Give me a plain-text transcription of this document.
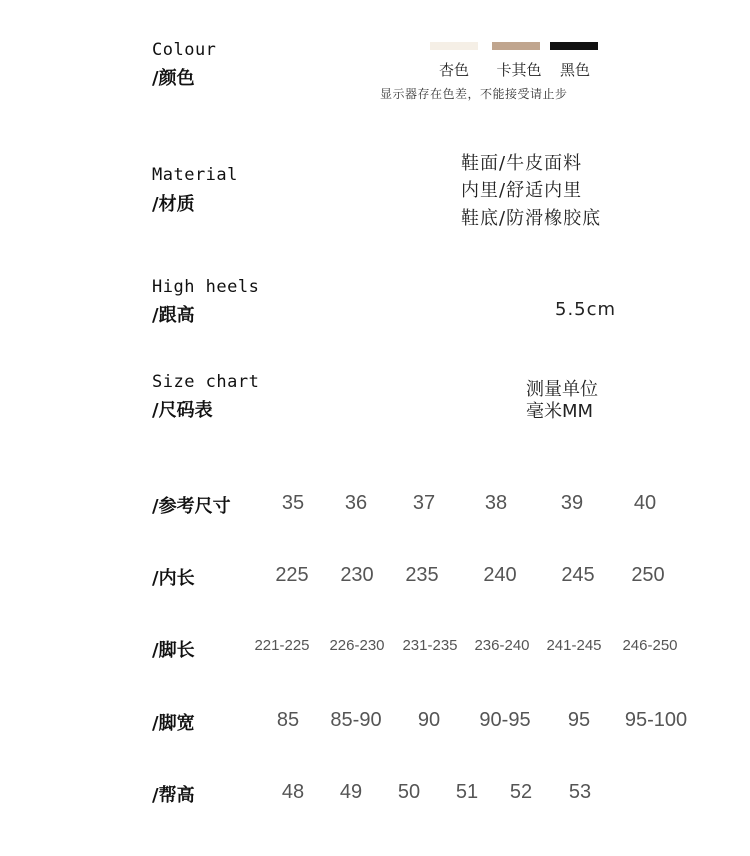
Colour
/颜色	杏色 卡其色 黑色
显示器存在色差，不能接受请止步
Material
/材质
鞋面/牛皮面料
内里/舒适内里
鞋底/防滑橡胶底
High heels
/跟高	5.5cm
Size chart
/尺码表
测量单位
毫米MM
/参考尺寸	35 36 37 38	39	40
/内长	225 230 235 240 245 250
/脚长	221-225 226-230 231-235 236-240 241-245 246-250
/脚宽	85 85-90 90 90-95 95 95-100
/帮高	48 49 50 51 52 53
